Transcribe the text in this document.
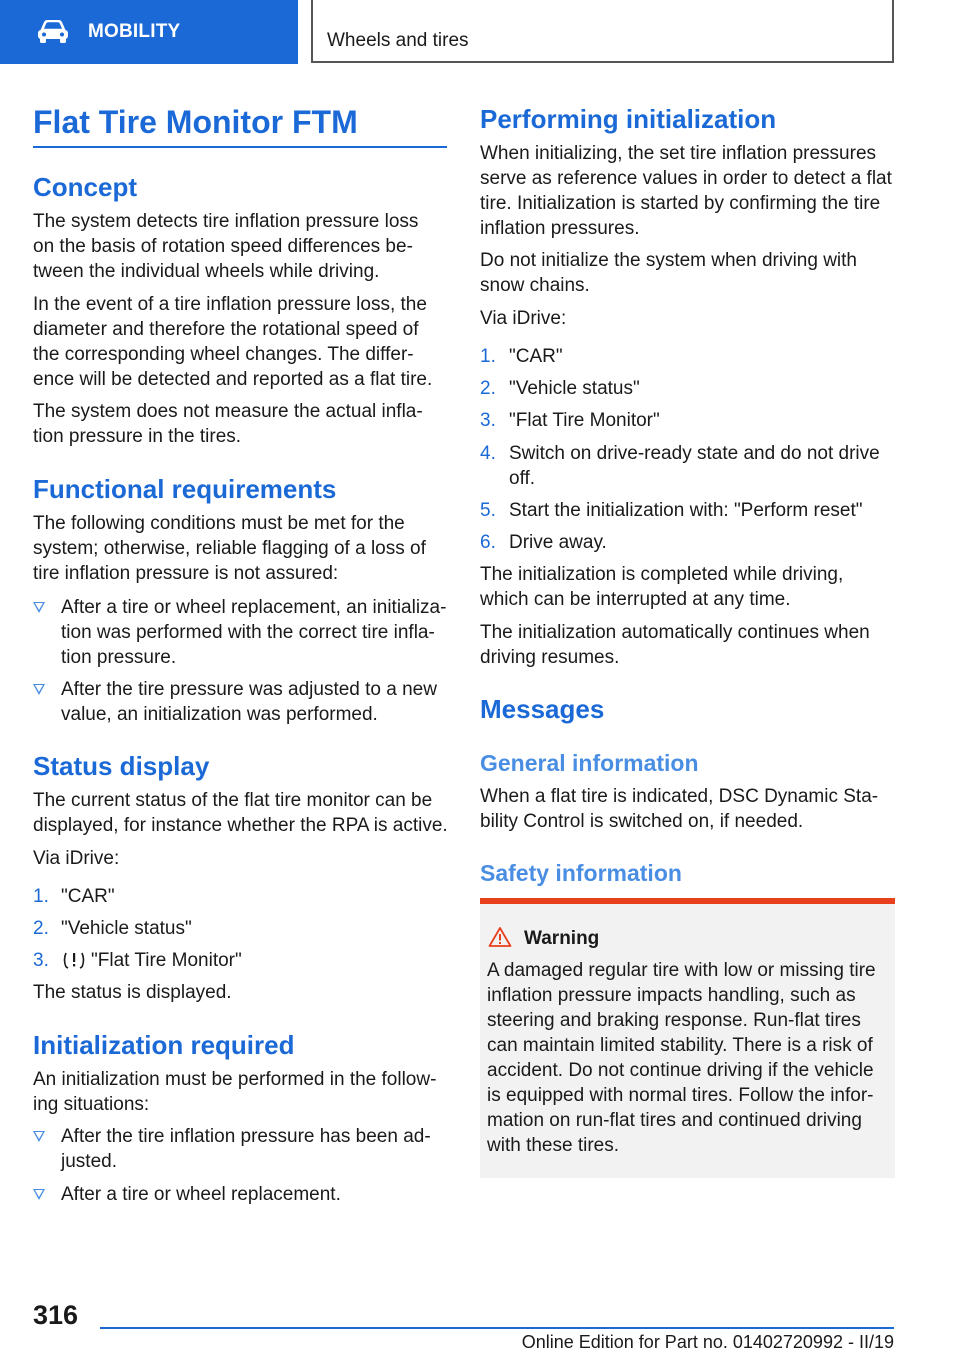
MOBILITY	Wheels and tires
Flat Tire Monitor FTM
Concept

The system detects tire inflation pressure loss
on the basis of rotation speed differences be‐
tween the individual wheels while driving.

In the event of a tire inflation pressure loss, the
diameter and therefore the rotational speed of
the corresponding wheel changes. The differ‐
ence will be detected and reported as a flat tire.

The system does not measure the actual infla‐
tion pressure in the tires.

Functional requirements

The following conditions must be met for the
system; otherwise, reliable flagging of a loss of
tire inflation pressure is not assured:

After a tire or wheel replacement, an initializa‐
tion was performed with the correct tire infla‐
tion pressure.
After the tire pressure was adjusted to a new
value, an initialization was performed.
Status display

The current status of the flat tire monitor can be
displayed, for instance whether the RPA is active.

Via iDrive:

1. "CAR"
2. "Vehicle status"
3. "Flat Tire Monitor"

The status is displayed.

Initialization required

An initialization must be performed in the follow‐
ing situations:

After the tire inflation pressure has been ad‐
justed.
After a tire or wheel replacement.
Performing initialization

When initializing, the set tire inflation pressures
serve as reference values in order to detect a flat
tire. Initialization is started by confirming the tire
inflation pressures.

Do not initialize the system when driving with
snow chains.

Via iDrive:

1. "CAR"
2. "Vehicle status"
3. "Flat Tire Monitor"
4. Switch on drive-ready state and do not drive
off.
5. Start the initialization with: "Perform reset"
6. Drive away.

The initialization is completed while driving,
which can be interrupted at any time.

The initialization automatically continues when
driving resumes.

Messages
General information

When a flat tire is indicated, DSC Dynamic Sta‐
bility Control is switched on, if needed.

Safety information
Warning
A damaged regular tire with low or missing tire
inflation pressure impacts handling, such as
steering and braking response. Run-flat tires
can maintain limited stability. There is a risk of
accident. Do not continue driving if the vehicle
is equipped with normal tires. Follow the infor‐
mation on run-flat tires and continued driving
with these tires.
316
Online Edition for Part no. 01402720992 - II/19
